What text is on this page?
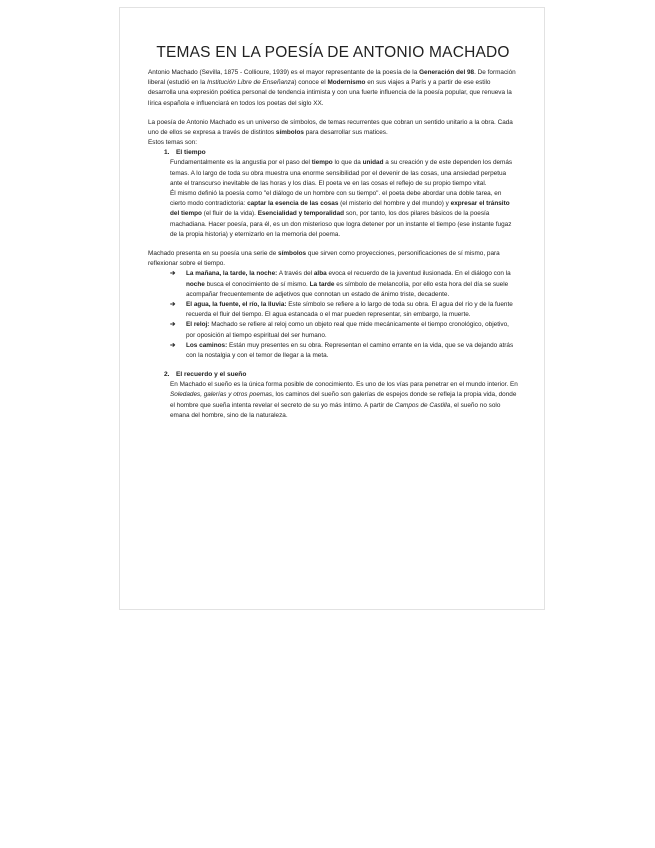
TEMAS EN LA POESÍA DE ANTONIO MACHADO

Antonio Machado (Sevilla, 1875 - Collioure, 1939) es el mayor representante de la poesía de la Generación del 98. De formación liberal (estudió en la Institución Libre de Enseñanza) conoce el Modernismo en sus viajes a París y a partir de ese estilo desarrolla una expresión poética personal de tendencia intimista y con una fuerte influencia de la poesía popular, que renueva la lírica española e influenciará en todos los poetas del siglo XX.

La poesía de Antonio Machado es un universo de símbolos, de temas recurrentes que cobran un sentido unitario a la obra. Cada uno de ellos se expresa a través de distintos símbolos para desarrollar sus matices.

Estos temas son:

1. El tiempo

Fundamentalmente es la angustia por el paso del tiempo lo que da unidad a su creación y de este dependen los demás temas. A lo largo de toda su obra muestra una enorme sensibilidad por el devenir de las cosas, una ansiedad perpetua ante el transcurso inevitable de las horas y los días. El poeta ve en las cosas el reflejo de su propio tiempo vital.

Él mismo definió la poesía como "el diálogo de un hombre con su tiempo". el poeta debe abordar una doble tarea, en cierto modo contradictoria: captar la esencia de las cosas (el misterio del hombre y del mundo) y expresar el tránsito del tiempo (el fluir de la vida). Esencialidad y temporalidad son, por tanto, los dos pilares básicos de la poesía machadiana. Hacer poesía, para él, es un don misterioso que logra detener por un instante el tiempo (ese instante fugaz de la propia historia) y eternizarlo en la memoria del poema.

Machado presenta en su poesía una serie de símbolos que sirven como proyecciones, personificaciones de sí mismo, para reflexionar sobre el tiempo.

➔ La mañana, la tarde, la noche: A través del alba evoca el recuerdo de la juventud ilusionada. En el diálogo con la noche busca el conocimiento de sí mismo. La tarde es símbolo de melancolía, por ello esta hora del día se suele acompañar frecuentemente de adjetivos que connotan un estado de ánimo triste, decadente.
➔ El agua, la fuente, el río, la lluvia: Este símbolo se refiere a lo largo de toda su obra. El agua del río y de la fuente recuerda el fluir del tiempo. El agua estancada o el mar pueden representar, sin embargo, la muerte.
➔ El reloj: Machado se refiere al reloj como un objeto real que mide mecánicamente el tiempo cronológico, objetivo, por oposición al tiempo espiritual del ser humano.
➔ Los caminos: Están muy presentes en su obra. Representan el camino errante en la vida, que se va dejando atrás con la nostalgia y con el temor de llegar a la meta.
2. El recuerdo y el sueño

En Machado el sueño es la única forma posible de conocimiento. Es uno de los vías para penetrar en el mundo interior. En Soledades, galerías y otros poemas, los caminos del sueño son galerías de espejos donde se refleja la propia vida, donde el hombre que sueña intenta revelar el secreto de su yo más íntimo. A partir de Campos de Castilla, el sueño no solo emana del hombre, sino de la naturaleza.
